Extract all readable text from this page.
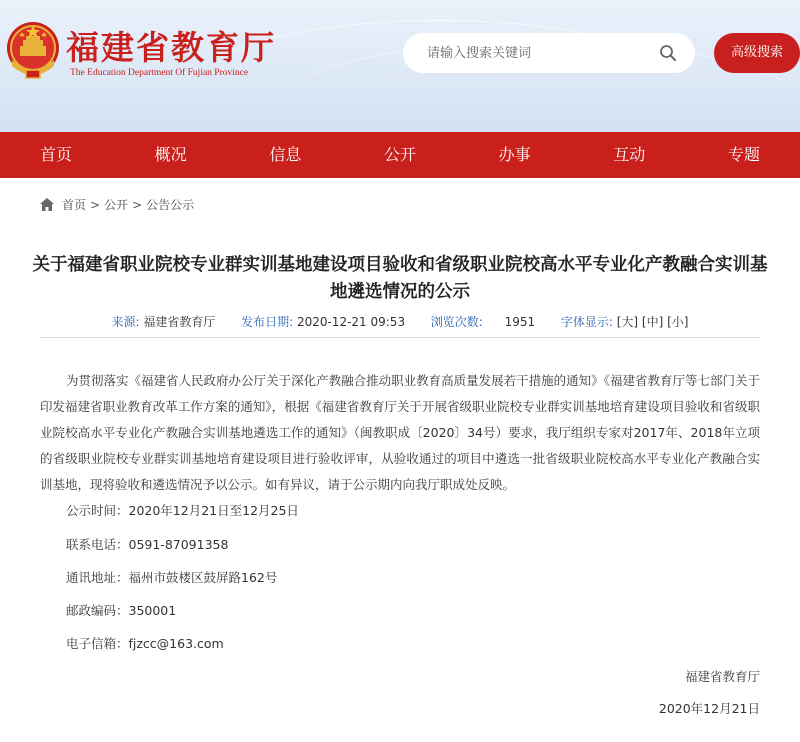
福建省教育厅
The Education Department Of Fujian Province
请输入搜索关键词
高级搜索
首页	概况	信息	公开	办事	互动	专题
首页 > 公开 > 公告公示
关于福建省职业院校专业群实训基地建设项目验收和省级职业院校高水平专业化产教融合实训基地遴选情况的公示
来源: 福建省教育厅 发布日期: 2020-12-21 09:53 浏览次数: 1951 字体显示: [大] [中] [小]
为贯彻落实《福建省人民政府办公厅关于深化产教融合推动职业教育高质量发展若干措施的通知》《福建省教育厅等七部门关于印发福建省职业教育改革工作方案的通知》，根据《福建省教育厅关于开展省级职业院校专业群实训基地培育建设项目验收和省级职业院校高水平专业化产教融合实训基地遴选工作的通知》（闽教职成〔2020〕34号）要求，我厅组织专家对2017年、2018年立项的省级职业院校专业群实训基地培育建设项目进行验收评审，从验收通过的项目中遴选一批省级职业院校高水平专业化产教融合实训基地，现将验收和遴选情况予以公示。如有异议，请于公示期内向我厅职成处反映。
公示时间：2020年12月21日至12月25日
联系电话：0591-87091358
通讯地址：福州市鼓楼区鼓屏路162号
邮政编码：350001
电子信箱：fjzcc@163.com
福建省教育厅
2020年12月21日
